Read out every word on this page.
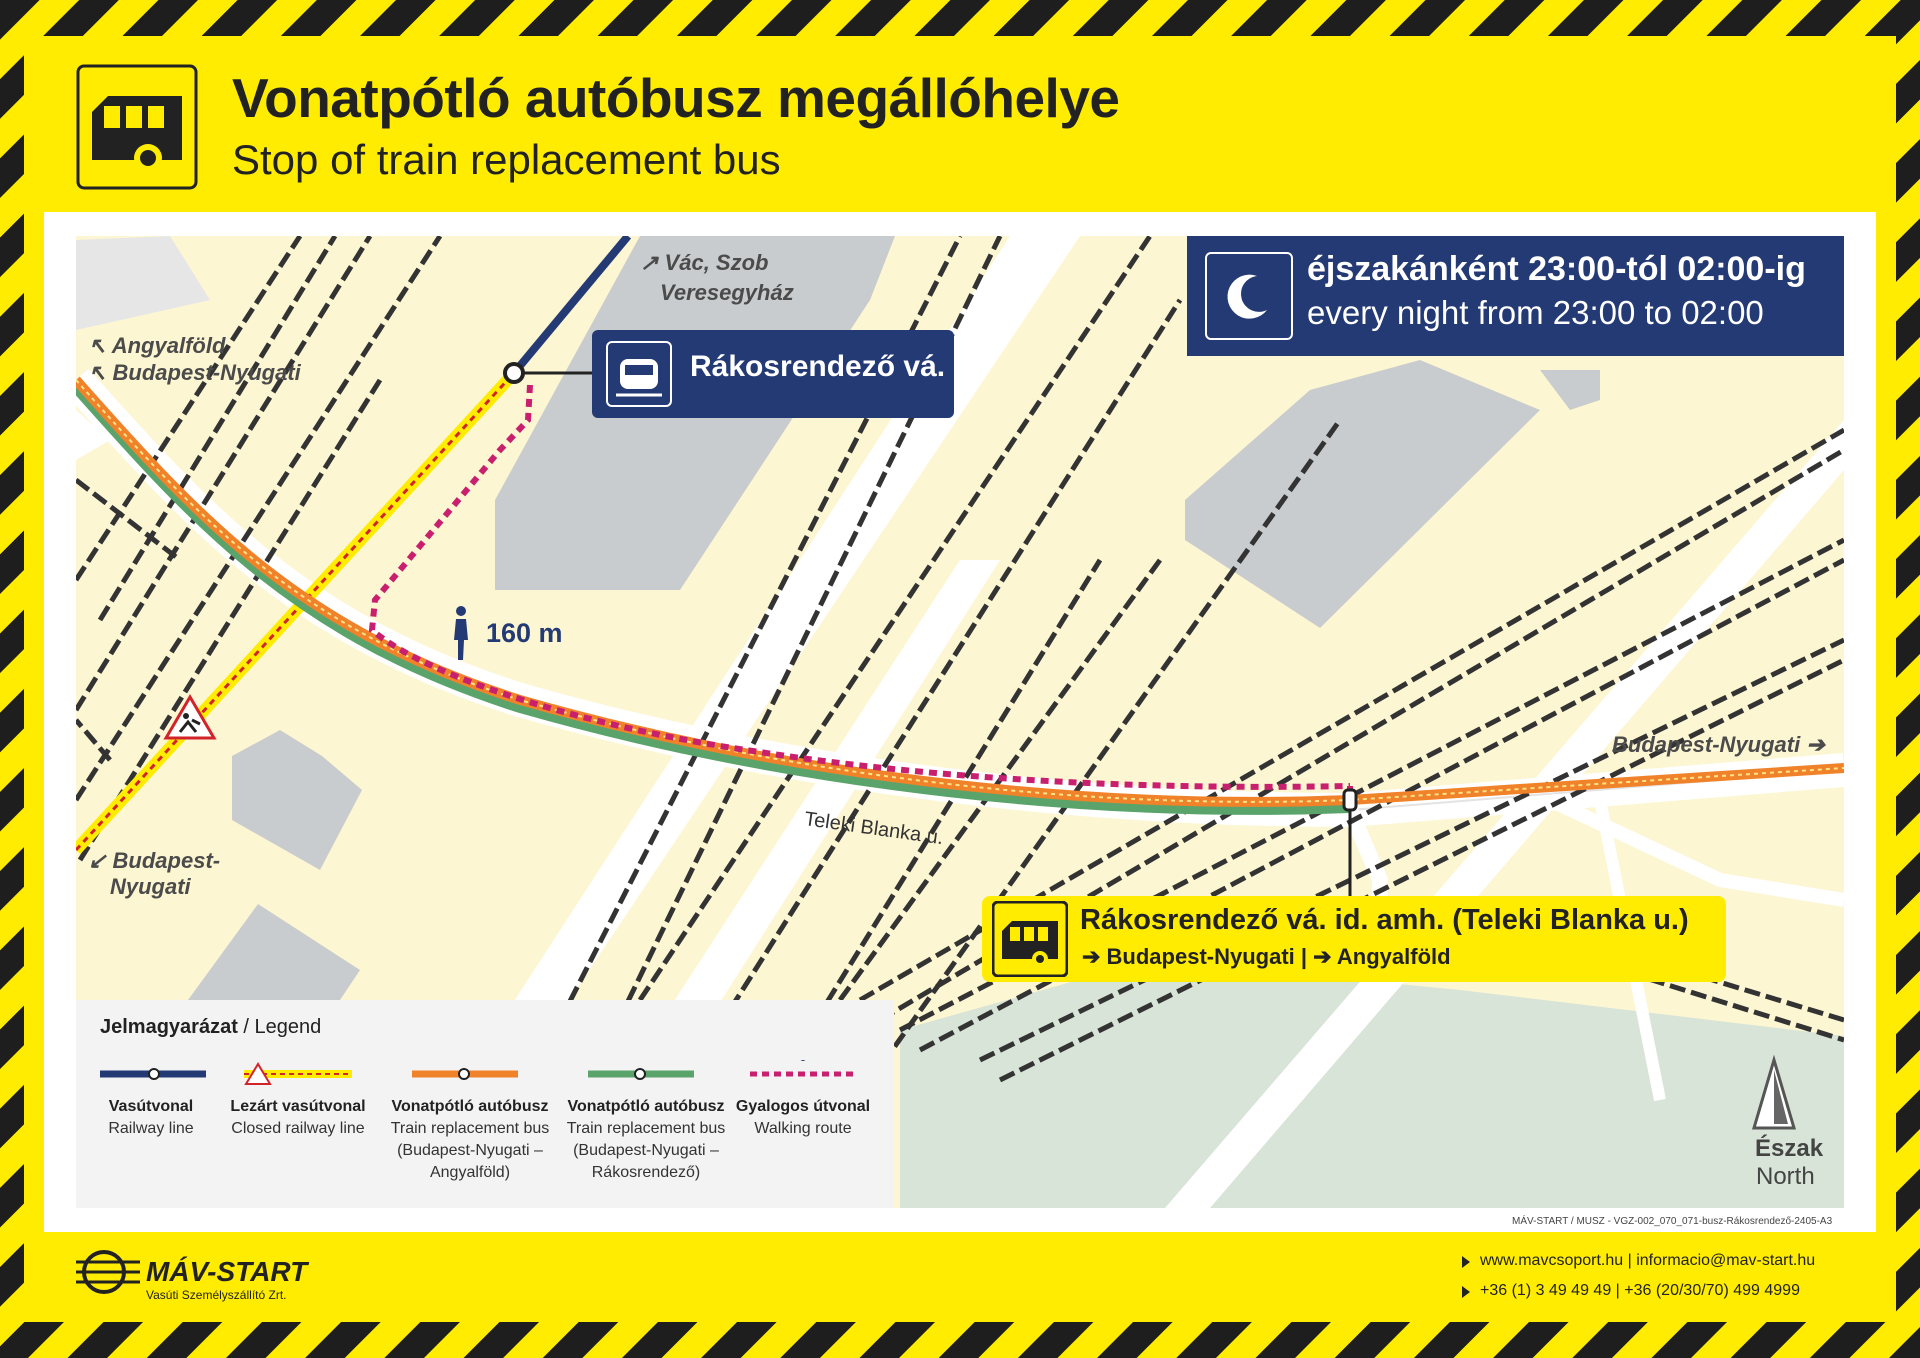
Vonatpótló autóbusz megállóhelye
Stop of train replacement bus
↗ Vác, Szob
Veresegyház
↖ Angyalföld
↖ Budapest-Nyugati
↙ Budapest-
Nyugati
Budapest-Nyugati ➔
Teleki Blanka u.
160 m
Rákosrendező vá.
éjszakánként 23:00-tól 02:00-ig
every night from 23:00 to 02:00
Rákosrendező vá. id. amh. (Teleki Blanka u.)
➔ Budapest-Nyugati | ➔ Angyalföld
Jelmagyarázat / Legend
Vasútvonal
Railway line
Lezárt vasútvonal
Closed railway line
Vonatpótló autóbusz
Train replacement bus
(Budapest-Nyugati –
Angyalföld)
Vonatpótló autóbusz
Train replacement bus
(Budapest-Nyugati –
Rákosrendező)
Gyalogos útvonal
Walking route
Észak
North
MÁV-START / MUSZ - VGZ-002_070_071-busz-Rákosrendező-2405-A3
MÁV-START
Vasúti Személyszállító Zrt.
www.mavcsoport.hu | informacio@mav-start.hu
+36 (1) 3 49 49 49 | +36 (20/30/70) 499 4999
